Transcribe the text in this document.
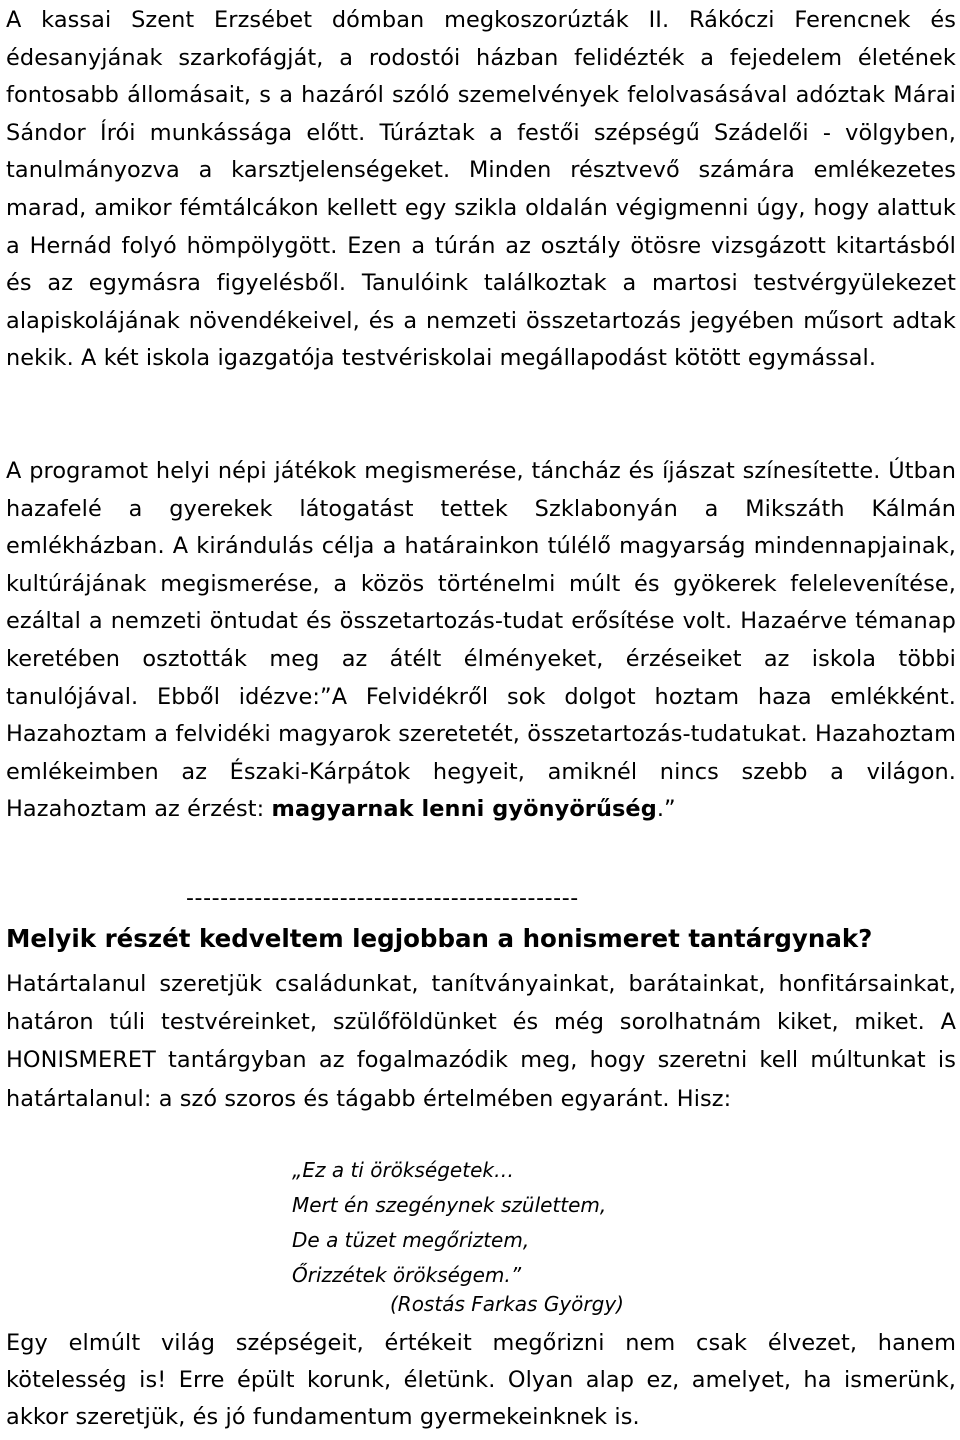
A kassai Szent Erzsébet dómban megkoszorúzták II. Rákóczi Ferencnek és édesanyjának szarkofágját, a rodostói házban felidézték a fejedelem életének fontosabb állomásait, s a hazáról szóló szemelvények felolvasásával adóztak Márai Sándor Írói munkássága előtt. Túráztak a festői szépségű Szádelői - völgyben, tanulmányozva a karsztjelenségeket. Minden résztvevő számára emlékezetes marad, amikor fémtálcákon kellett egy szikla oldalán végigmenni úgy, hogy alattuk a Hernád folyó hömpölygött. Ezen a túrán az osztály ötösre vizsgázott kitartásból és az egymásra figyelésből. Tanulóink találkoztak a martosi testvérgyülekezet alapiskolájának növendékeivel, és a nemzeti összetartozás jegyében műsort adtak nekik. A két iskola igazgatója testvériskolai megállapodást kötött egymással.

A programot helyi népi játékok megismerése, táncház és íjászat színesítette. Útban hazafelé a gyerekek látogatást tettek Szklabonyán a Mikszáth Kálmán emlékházban. A kirándulás célja a határainkon túlélő magyarság mindennapjainak, kultúrájának megismerése, a közös történelmi múlt és gyökerek felelevenítése, ezáltal a nemzeti öntudat és összetartozás-tudat erősítése volt. Hazaérve témanap keretében osztották meg az átélt élményeket, érzéseiket az iskola többi tanulójával. Ebből idézve:”A Felvidékről sok dolgot hoztam haza emlékként. Hazahoztam a felvidéki magyarok szeretetét, összetartozás-tudatukat. Hazahoztam emlékeimben az Északi-Kárpátok hegyeit, amiknél nincs szebb a világon. Hazahoztam az érzést: magyarnak lenni gyönyörűség.”

----------------------------------------------
Melyik részét kedveltem legjobban a honismeret tantárgynak?

Határtalanul szeretjük családunkat, tanítványainkat, barátainkat, honfitársainkat, határon túli testvéreinket, szülőföldünket és még sorolhatnám kiket, miket. A HONISMERET tantárgyban az fogalmazódik meg, hogy szeretni kell múltunkat is határtalanul: a szó szoros és tágabb értelmében egyaránt. Hisz:

„Ez a ti örökségetek…
Mert én szegénynek születtem,
De a tüzet megőriztem,
Őrizzétek örökségem.”
(Rostás Farkas György)

Egy elmúlt világ szépségeit, értékeit megőrizni nem csak élvezet, hanem kötelesség is! Erre épült korunk, életünk. Olyan alap ez, amelyet, ha ismerünk, akkor szeretjük, és jó fundamentum gyermekeinknek is.
